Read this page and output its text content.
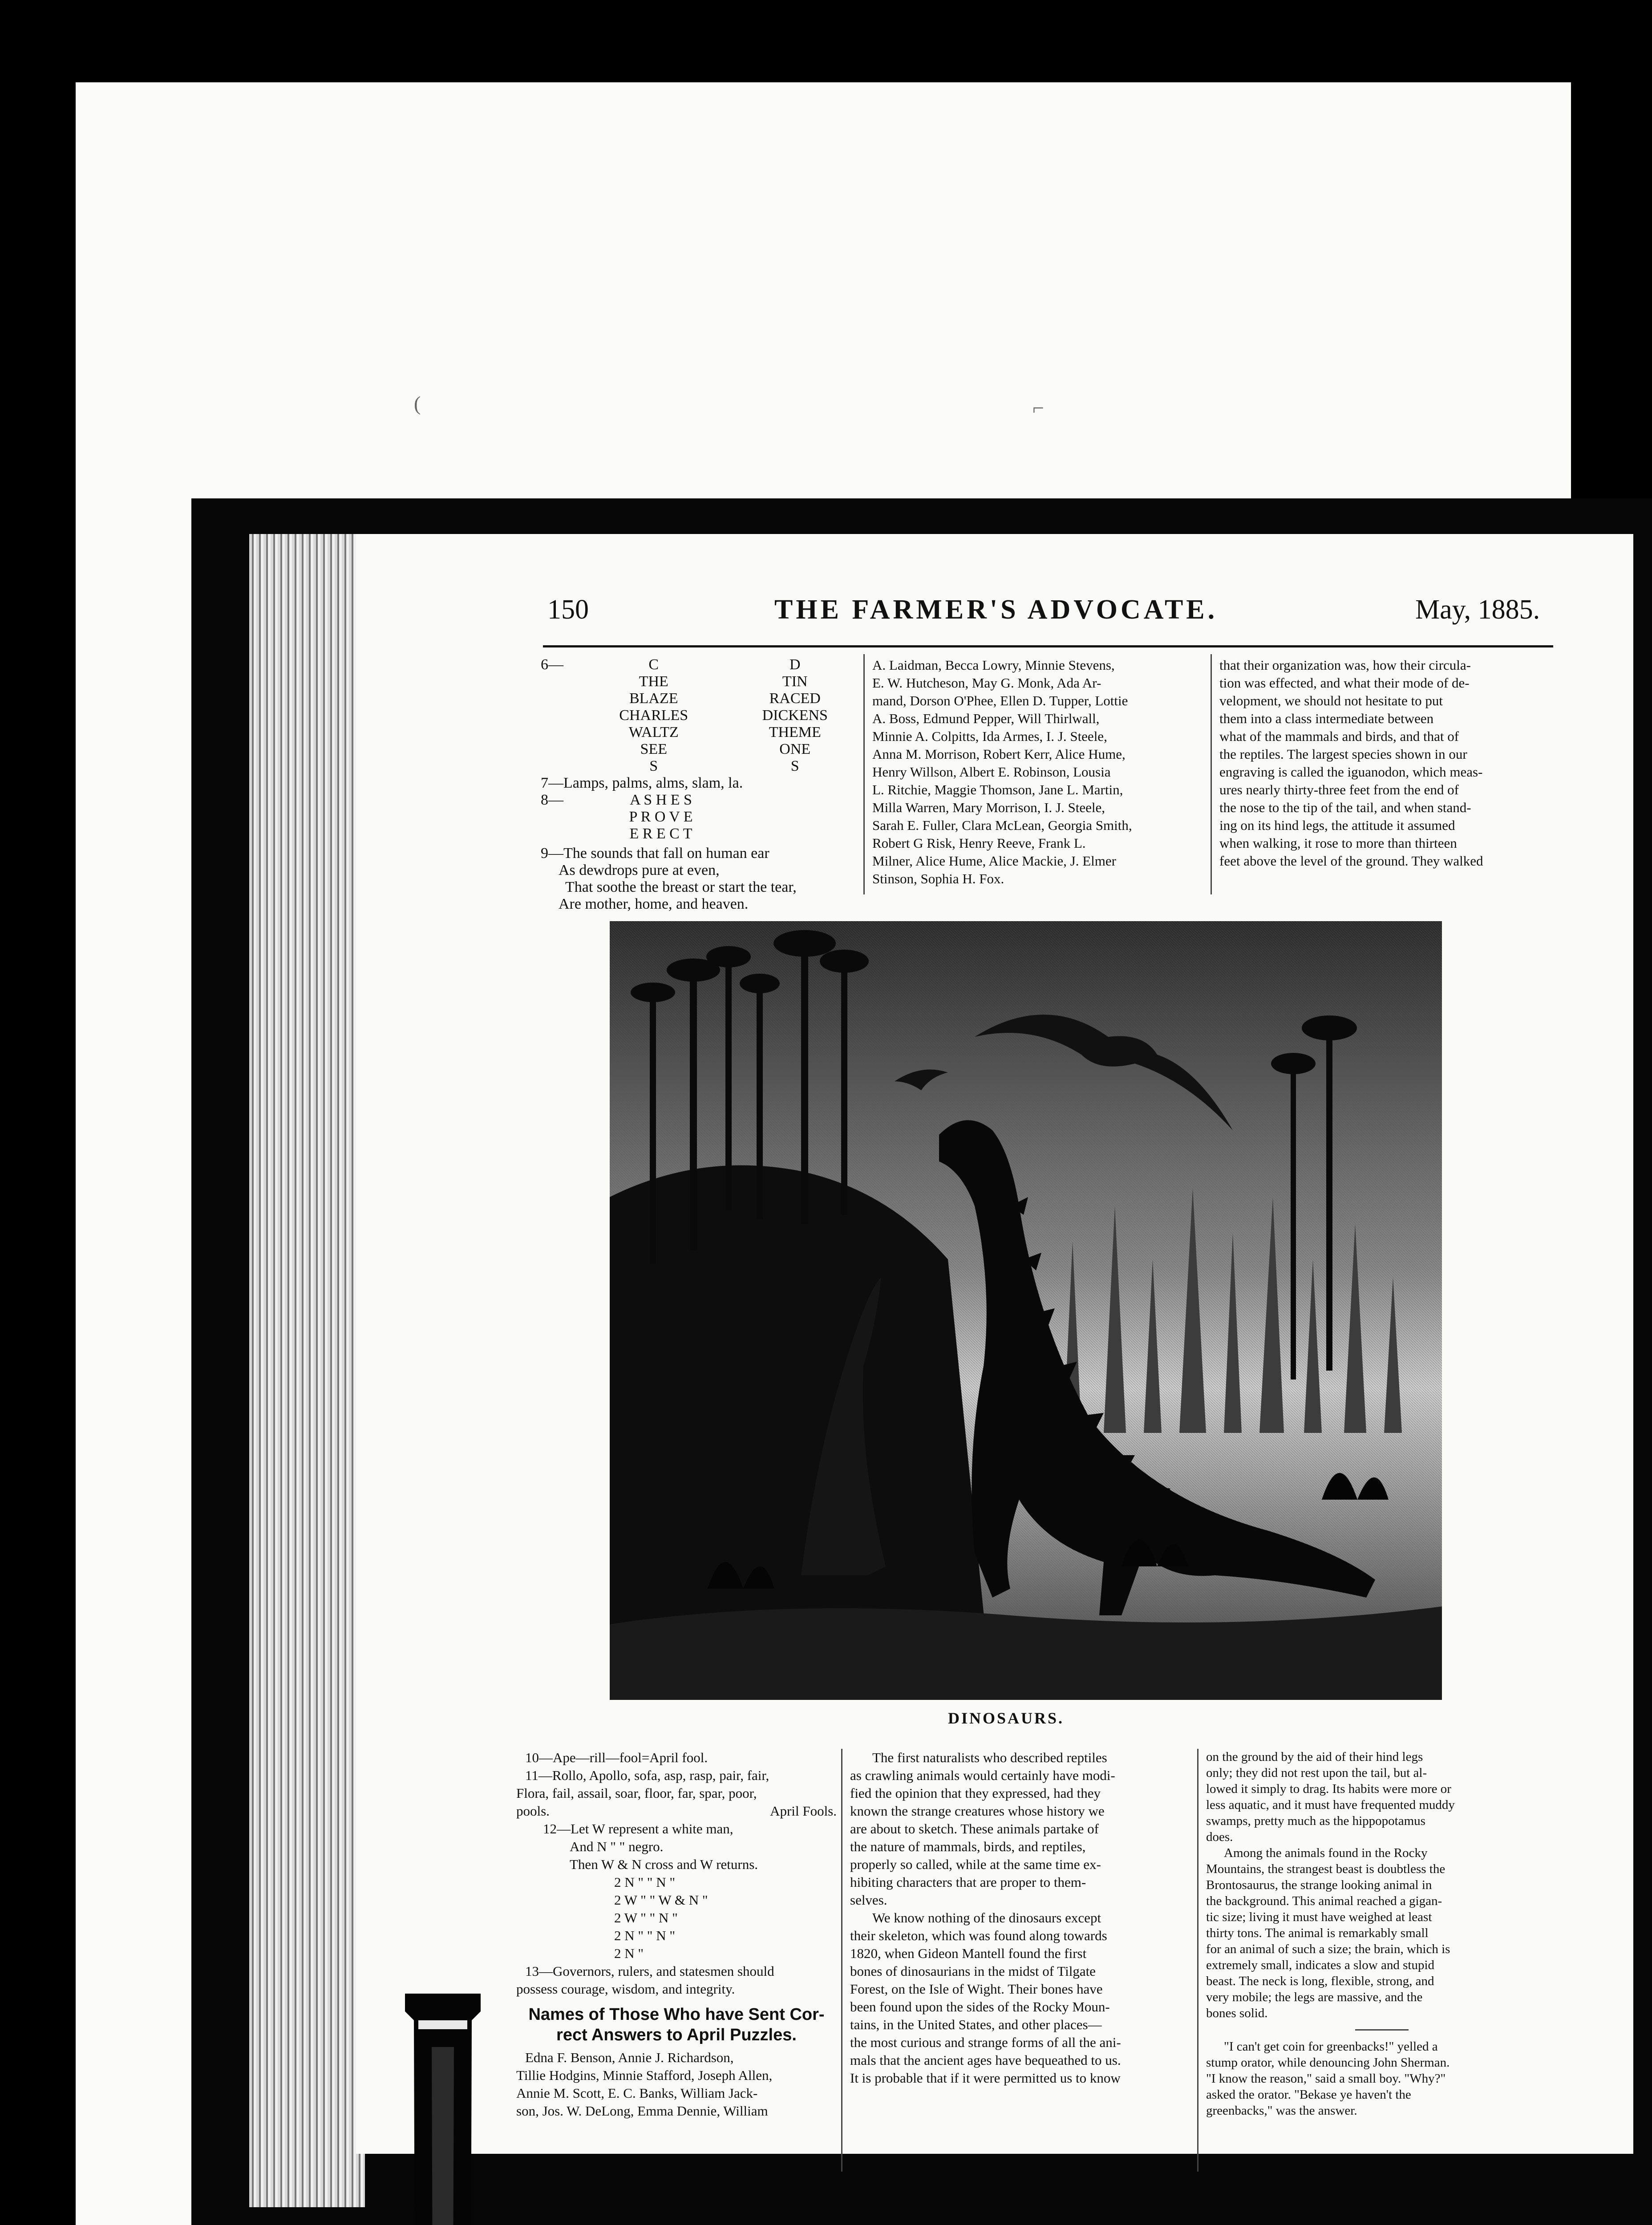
(	⌐
150	THE FARMER'S ADVOCATE.	May, 1885.
6—	C	D
THE	TIN
BLAZE	RACED
CHARLES	DICKENS
WALTZ	THEME
SEE	ONE
S	S
7—Lamps, palms, alms, slam, la.
8—	A S H E S
P R O V E
E R E C T
9—The sounds that fall on human ear
As dewdrops pure at even,
That soothe the breast or start the tear,
Are mother, home, and heaven.
A. Laidman, Becca Lowry, Minnie Stevens,
E. W. Hutcheson, May G. Monk, Ada Ar-
mand, Dorson O'Phee, Ellen D. Tupper, Lottie
A. Boss, Edmund Pepper, Will Thirlwall,
Minnie A. Colpitts, Ida Armes, I. J. Steele,
Anna M. Morrison, Robert Kerr, Alice Hume,
Henry Willson, Albert E. Robinson, Lousia
L. Ritchie, Maggie Thomson, Jane L. Martin,
Milla Warren, Mary Morrison, I. J. Steele,
Sarah E. Fuller, Clara McLean, Georgia Smith,
Robert G Risk, Henry Reeve, Frank L.
Milner, Alice Hume, Alice Mackie, J. Elmer
Stinson, Sophia H. Fox.
that their organization was, how their circula-
tion was effected, and what their mode of de-
velopment, we should not hesitate to put
them into a class intermediate between
what of the mammals and birds, and that of
the reptiles. The largest species shown in our
engraving is called the iguanodon, which meas-
ures nearly thirty-three feet from the end of
the nose to the tip of the tail, and when stand-
ing on its hind legs, the attitude it assumed
when walking, it rose to more than thirteen
feet above the level of the ground. They walked
DINOSAURS.
10—Ape—rill—fool=April fool.
11—Rollo, Apollo, sofa, asp, rasp, pair, fair,
Flora, fail, assail, soar, floor, far, spar, poor,
pools.	April Fools.
12—Let W represent a white man,
And N " " negro.
Then W & N cross and W returns.
2 N " " N "
2 W " " W & N "
2 W " " N "
2 N " " N "
2 N "
13—Governors, rulers, and statesmen should
possess courage, wisdom, and integrity.
Names of Those Who have Sent Cor-
rect Answers to April Puzzles.
Edna F. Benson, Annie J. Richardson,
Tillie Hodgins, Minnie Stafford, Joseph Allen,
Annie M. Scott, E. C. Banks, William Jack-
son, Jos. W. DeLong, Emma Dennie, William
The first naturalists who described reptiles
as crawling animals would certainly have modi-
fied the opinion that they expressed, had they
known the strange creatures whose history we
are about to sketch. These animals partake of
the nature of mammals, birds, and reptiles,
properly so called, while at the same time ex-
hibiting characters that are proper to them-
selves.
We know nothing of the dinosaurs except
their skeleton, which was found along towards
1820, when Gideon Mantell found the first
bones of dinosaurians in the midst of Tilgate
Forest, on the Isle of Wight. Their bones have
been found upon the sides of the Rocky Moun-
tains, in the United States, and other places—
the most curious and strange forms of all the ani-
mals that the ancient ages have bequeathed to us.
It is probable that if it were permitted us to know
on the ground by the aid of their hind legs
only; they did not rest upon the tail, but al-
lowed it simply to drag. Its habits were more or
less aquatic, and it must have frequented muddy
swamps, pretty much as the hippopotamus
does.
Among the animals found in the Rocky
Mountains, the strangest beast is doubtless the
Brontosaurus, the strange looking animal in
the background. This animal reached a gigan-
tic size; living it must have weighed at least
thirty tons. The animal is remarkably small
for an animal of such a size; the brain, which is
extremely small, indicates a slow and stupid
beast. The neck is long, flexible, strong, and
very mobile; the legs are massive, and the
bones solid.
"I can't get coin for greenbacks!" yelled a
stump orator, while denouncing John Sherman.
"I know the reason," said a small boy. "Why?"
asked the orator. "Bekase ye haven't the
greenbacks," was the answer.
